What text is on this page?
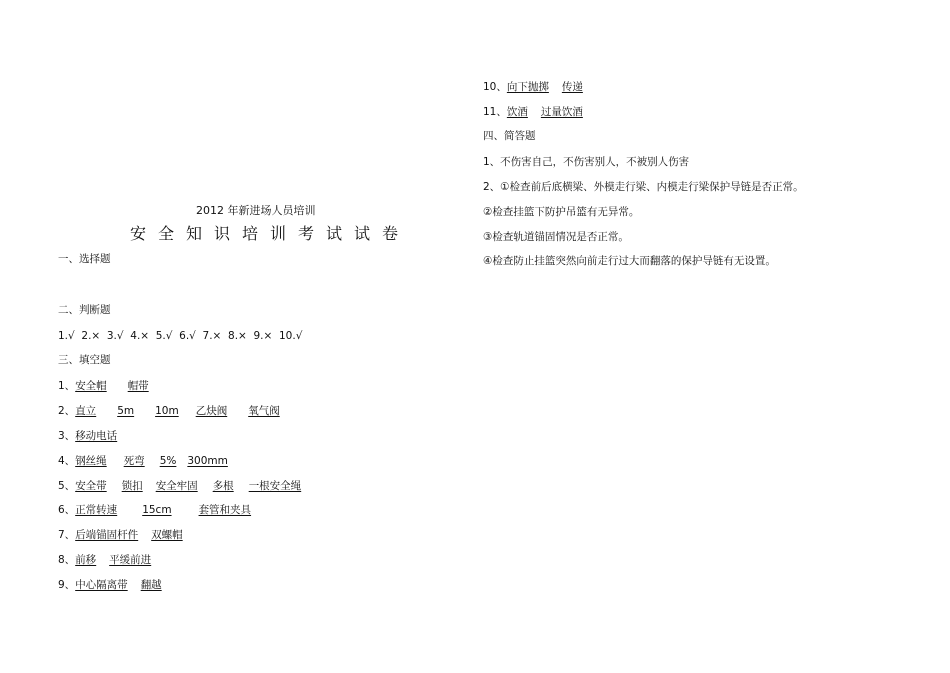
2012 年新进场人员培训
安全知识培训考试试卷
一、选择题
二、判断题
1.√  2.×  3.√  4.×  5.√  6.√  7.×  8.×  9.×  10.√
三、填空题
1、安全帽 帽带
2、直立 5m 10m 乙炔阀 氧气阀
3、移动电话
4、钢丝绳 死弯 5% 300mm
5、安全带 锁扣 安全牢固 多根 一根安全绳
6、正常转速 15cm	套管和夹具
7、后端锚固杆件 双螺帽
8、前移 平缓前进
9、中心隔离带 翻越
10、向下抛掷 传递
11、饮酒 过量饮酒
四、简答题
1、不伤害自己，不伤害别人，不被别人伤害
2、①检查前后底横梁、外模走行梁、内模走行梁保护导链是否正常。
②检查挂篮下防护吊篮有无异常。
③检查轨道锚固情况是否正常。
④检查防止挂篮突然向前走行过大而翻落的保护导链有无设置。
